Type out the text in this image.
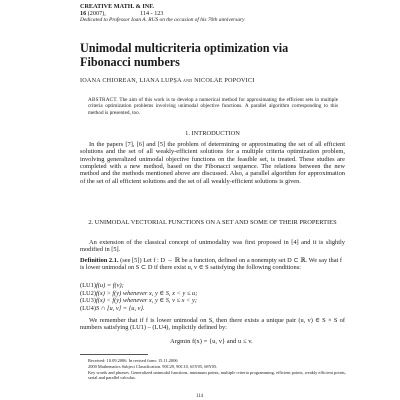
CREATIVE MATH. & INF.
16 (2007),	114 - 123
Dedicated to Professor Ioan A. RUS on the occasion of his 70th anniversary
Unimodal multicriteria optimization via Fibonacci numbers
IOANA CHIOREAN, LIANA LUPȘA and NICOLAE POPOVICI
ABSTRACT. The aim of this work is to develop a numerical method for approximating the efficient sets in multiple criteria optimization problems involving unimodal objective functions. A parallel algorithm corresponding to this method is presented, too.
1. INTRODUCTION
In the papers [7], [6] and [5] the problem of determining or approximating the set of all efficient solutions and the set of all weakly-efficient solutions for a multiple criteria optimization problem, involving generalized unimodal objective functions on the feasible set, is treated. These studies are completed with a new method, based on the Fibonacci sequence. The relations between the new method and the methods mentioned above are discussed. Also, a parallel algorithm for approximation of the set of all efficient solutions and the set of all weakly-efficient solutions is given.
2. UNIMODAL VECTORIAL FUNCTIONS ON A SET AND SOME OF THEIR PROPERTIES
An extension of the classical concept of unimodality was first proposed in [4] and it is slightly modified in [5].
Definition 2.1. (see [5]) Let f : D → ℝ be a function, defined on a nonempty set D ⊂ ℝ. We say that f is lower unimodal on S ⊂ D if there exist u, v ∈ S satisfying the following conditions:
(LU1)f(u) = f(v);
(LU2)f(x) > f(y) whenever x, y ∈ S, x < y ≤ u;
(LU3)f(x) < f(y) whenever x, y ∈ S, v ≤ x < y;
(LU4)S ∩ [u, v] = {u, v}.
We remember that if f is lower unimodal on S, then there exists a unique pair (u, v) ∈ S × S of numbers satisfying (LU1) – (LU4), implicitly defined by:
Argmin f(x) = {u, v} and u ≤ v.
Received: 10.09.2006. In revised form: 15.11.2006
2000 Mathematics Subject Classification. 90C29, 90C10, 65Y05, 68Y05.
Key words and phrases. Generalized unimodal functions, minimum points, multiple criteria programming, efficient points, weakly efficient points, serial and parallel calculus.
114
